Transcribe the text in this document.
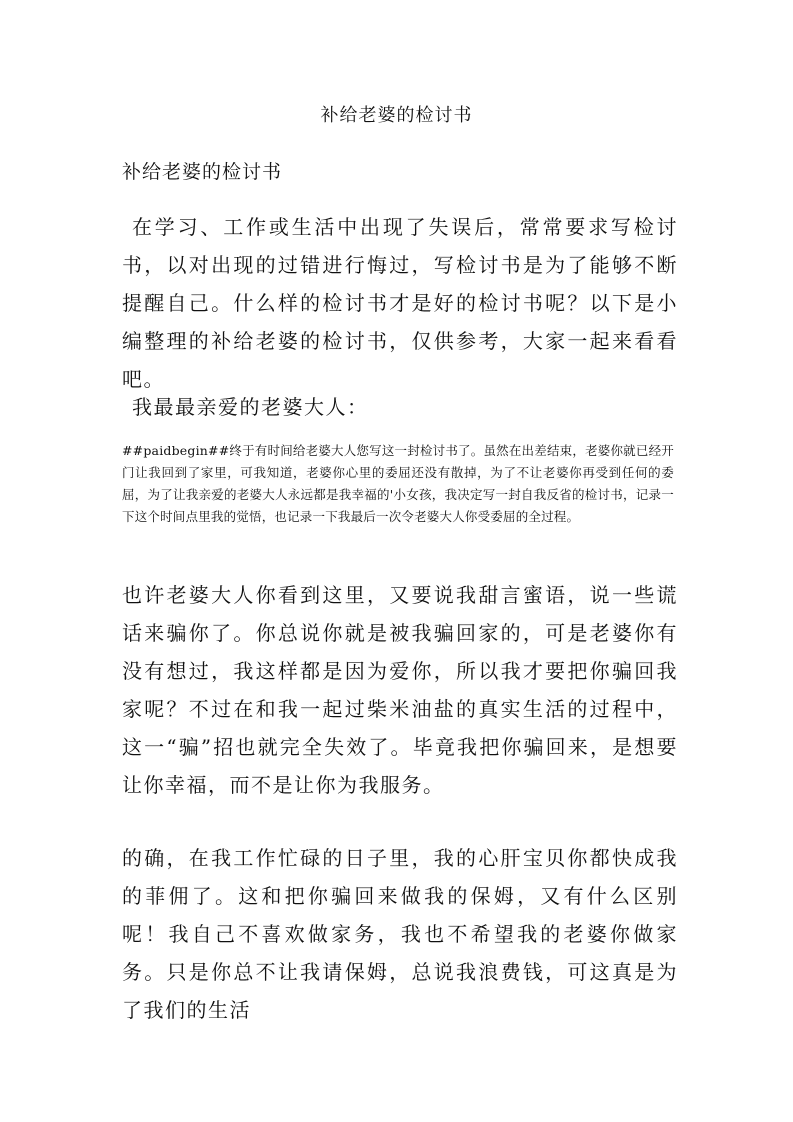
补给老婆的检讨书
补给老婆的检讨书

在学习、工作或生活中出现了失误后，常常要求写检讨书，以对出现的过错进行悔过，写检讨书是为了能够不断提醒自己。什么样的检讨书才是好的检讨书呢？以下是小编整理的补给老婆的检讨书，仅供参考，大家一起来看看吧。

我最最亲爱的老婆大人：

##paidbegin##终于有时间给老婆大人您写这一封检讨书了。虽然在出差结束，老婆你就已经开门让我回到了家里，可我知道，老婆你心里的委屈还没有散掉，为了不让老婆你再受到任何的委屈，为了让我亲爱的老婆大人永远都是我幸福的'小女孩，我决定写一封自我反省的检讨书，记录一下这个时间点里我的觉悟，也记录一下我最后一次令老婆大人你受委屈的全过程。

也许老婆大人你看到这里，又要说我甜言蜜语，说一些谎话来骗你了。你总说你就是被我骗回家的，可是老婆你有没有想过，我这样都是因为爱你，所以我才要把你骗回我家呢？不过在和我一起过柴米油盐的真实生活的过程中，这一“骗”招也就完全失效了。毕竟我把你骗回来，是想要让你幸福，而不是让你为我服务。

的确，在我工作忙碌的日子里，我的心肝宝贝你都快成我的菲佣了。这和把你骗回来做我的保姆，又有什么区别呢！我自己不喜欢做家务，我也不希望我的老婆你做家务。只是你总不让我请保姆，总说我浪费钱，可这真是为了我们的生活
